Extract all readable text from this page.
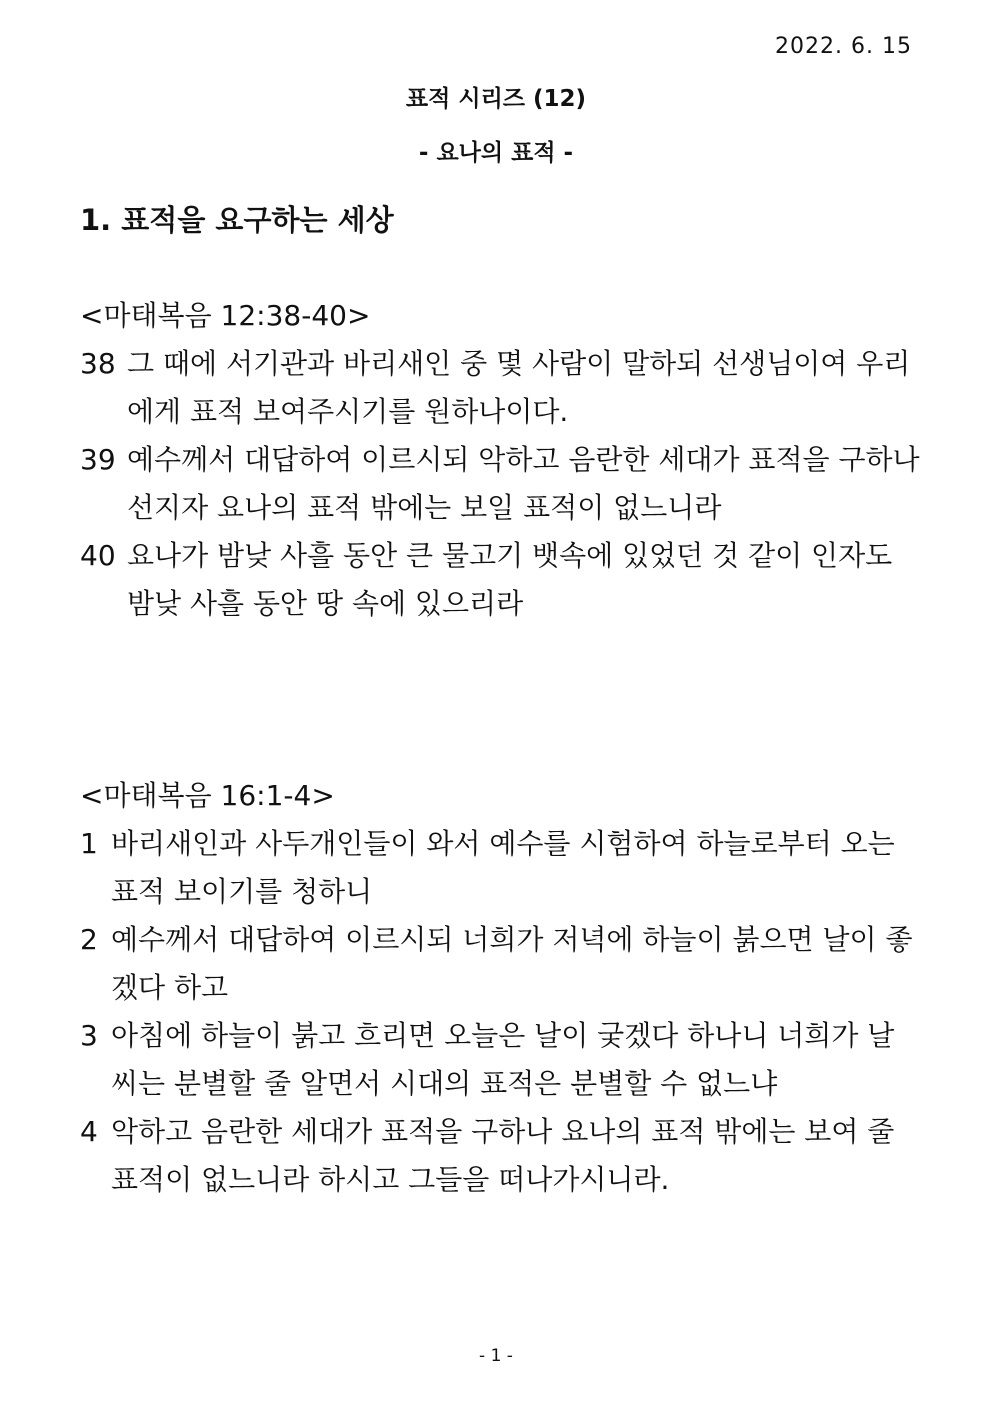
2022. 6. 15
표적 시리즈 (12)
- 요나의 표적 -
1. 표적을 요구하는 세상

<마태복음 12:38-40>

38 그 때에 서기관과 바리새인 중 몇 사람이 말하되 선생님이여 우리에게 표적 보여주시기를 원하나이다.
39 예수께서 대답하여 이르시되 악하고 음란한 세대가 표적을 구하나 선지자 요나의 표적 밖에는 보일 표적이 없느니라
40 요나가 밤낮 사흘 동안 큰 물고기 뱃속에 있었던 것 같이 인자도 밤낮 사흘 동안 땅 속에 있으리라

<마태복음 16:1-4>

1 바리새인과 사두개인들이 와서 예수를 시험하여 하늘로부터 오는 표적 보이기를 청하니
2 예수께서 대답하여 이르시되 너희가 저녁에 하늘이 붉으면 날이 좋겠다 하고
3 아침에 하늘이 붉고 흐리면 오늘은 날이 궂겠다 하나니 너희가 날씨는 분별할 줄 알면서 시대의 표적은 분별할 수 없느냐
4 악하고 음란한 세대가 표적을 구하나 요나의 표적 밖에는 보여 줄 표적이 없느니라 하시고 그들을 떠나가시니라.
- 1 -
